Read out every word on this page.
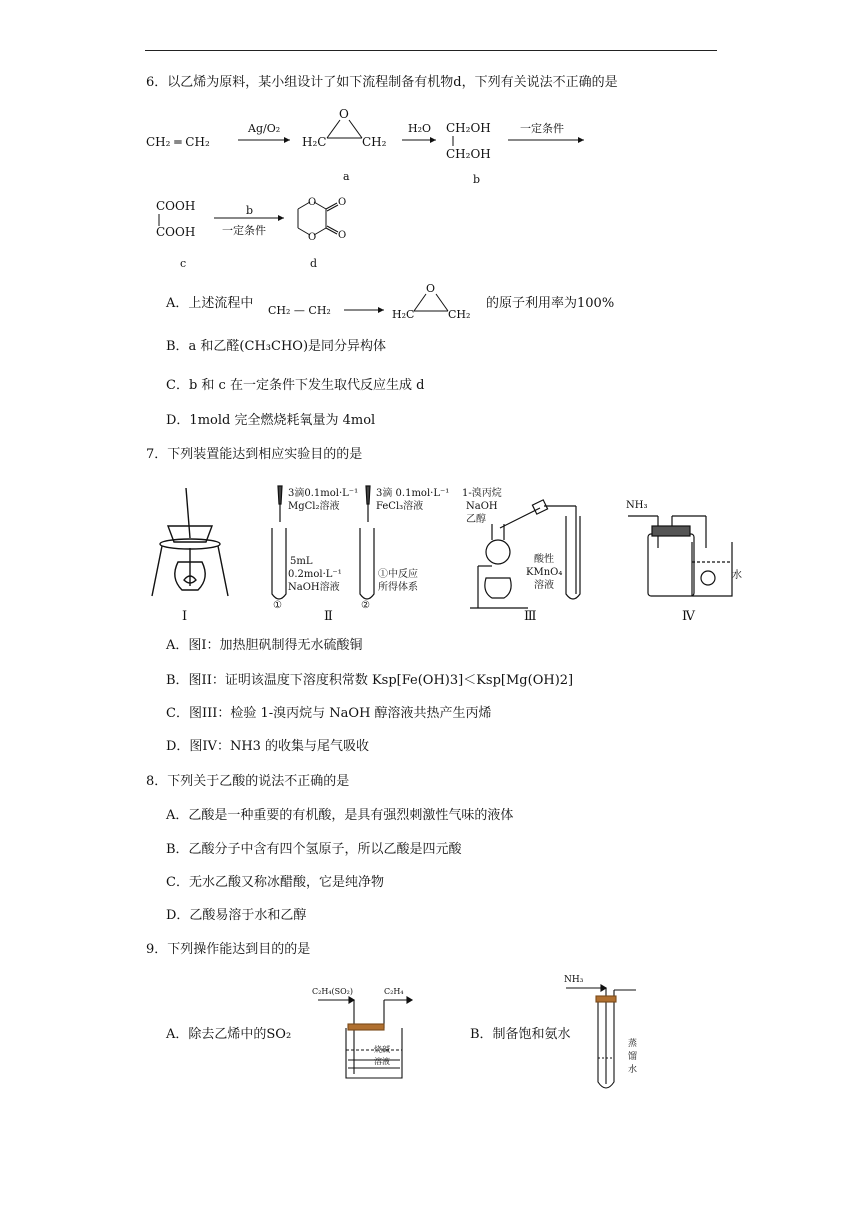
6．以乙烯为原料，某小组设计了如下流程制备有机物d，下列有关说法不正确的是
CH₂ ═ CH₂
Ag/O₂
H₂C	CH₂
O
a
H₂O CH₂OH
CH₂OH
b
一定条件
COOH
COOH
c
b
一定条件
O
O
O
O
d
A．上述流程中 CH₂ — CH₂	H₂C	CH₂
O
的原子利用率为100%
B．a 和乙醛(CH₃CHO)是同分异构体
C．b 和 c 在一定条件下发生取代反应生成 d
D．1mold 完全燃烧耗氧量为 4mol
7．下列装置能达到相应实验目的的是
Ⅰ
3滴0.1mol·L⁻¹
MgCl₂溶液
3滴 0.1mol·L⁻¹
FeCl₃溶液
5mL
0.2mol·L⁻¹
NaOH溶液
①中反应
所得体系
①	②
Ⅱ
1-溴丙烷
NaOH
乙醇
酸性
KMnO₄
溶液
Ⅲ
NH₃
水
Ⅳ
A．图I：加热胆矾制得无水硫酸铜
B．图II：证明该温度下溶度积常数 Ksp[Fe(OH)3]＜Ksp[Mg(OH)2]
C．图III：检验 1-溴丙烷与 NaOH 醇溶液共热产生丙烯
D．图IV：NH3 的收集与尾气吸收
8．下列关于乙酸的说法不正确的是
A．乙酸是一种重要的有机酸，是具有强烈刺激性气味的液体
B．乙酸分子中含有四个氢原子，所以乙酸是四元酸
C．无水乙酸又称冰醋酸，它是纯净物
D．乙酸易溶于水和乙醇
9．下列操作能达到目的的是
A．除去乙烯中的SO₂
C₂H₄(SO₂)	C₂H₄
烧碱
溶液
B．制备饱和氨水
NH₃
蒸
馏
水
